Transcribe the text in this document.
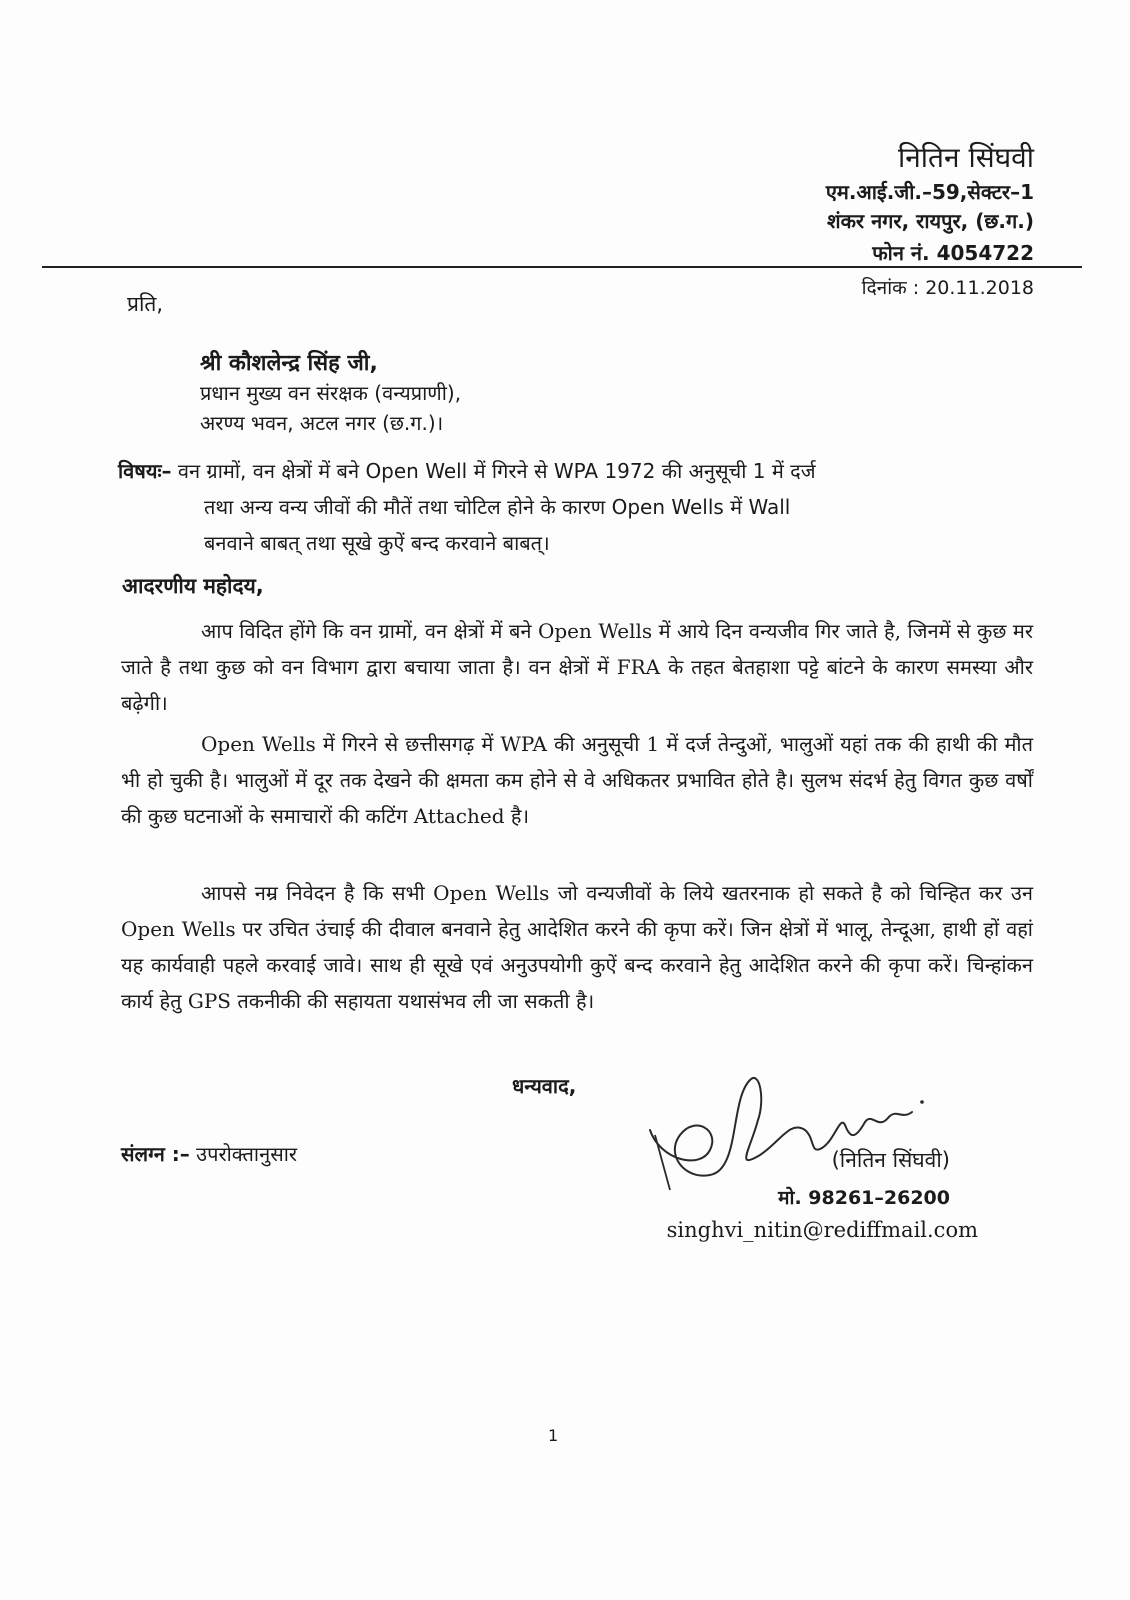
नितिन सिंघवी
एम.आई.जी.–59,सेक्टर–1
शंकर नगर, रायपुर, (छ.ग.)
फोन नं. 4054722
दिनांक : 20.11.2018
प्रति,
श्री कौशलेन्द्र सिंह जी,
प्रधान मुख्य वन संरक्षक (वन्यप्राणी),
अरण्य भवन, अटल नगर (छ.ग.)।
विषयः– वन ग्रामों, वन क्षेत्रों में बने Open Well में गिरने से WPA 1972 की अनुसूची 1 में दर्ज
तथा अन्य वन्य जीवों की मौतें तथा चोटिल होने के कारण Open Wells में Wall
बनवाने बाबत् तथा सूखे कुऐं बन्द करवाने बाबत्।
आदरणीय महोदय,

आप विदित होंगे कि वन ग्रामों, वन क्षेत्रों में बने Open Wells में आये दिन वन्यजीव गिर जाते है, जिनमें से कुछ मर जाते है तथा कुछ को वन विभाग द्वारा बचाया जाता है। वन क्षेत्रों में FRA के तहत बेतहाशा पट्टे बांटने के कारण समस्या और बढ़ेगी।

Open Wells में गिरने से छत्तीसगढ़ में WPA की अनुसूची 1 में दर्ज तेन्दुओं, भालुओं यहां तक की हाथी की मौत भी हो चुकी है। भालुओं में दूर तक देखने की क्षमता कम होने से वे अधिकतर प्रभावित होते है। सुलभ संदर्भ हेतु विगत कुछ वर्षों की कुछ घटनाओं के समाचारों की कटिंग Attached है।

आपसे नम्र निवेदन है कि सभी Open Wells जो वन्यजीवों के लिये खतरनाक हो सकते है को चिन्हित कर उन Open Wells पर उचित उंचाई की दीवाल बनवाने हेतु आदेशित करने की कृपा करें। जिन क्षेत्रों में भालू, तेन्दूआ, हाथी हों वहां यह कार्यवाही पहले करवाई जावे। साथ ही सूखे एवं अनुउपयोगी कुऐं बन्द करवाने हेतु आदेशित करने की कृपा करें। चिन्हांकन कार्य हेतु GPS तकनीकी की सहायता यथासंभव ली जा सकती है।

धन्यवाद,
संलग्न :– उपरोक्तानुसार	(नितिन सिंघवी)
मो. 98261–26200
singhvi_nitin@rediffmail.com
1
